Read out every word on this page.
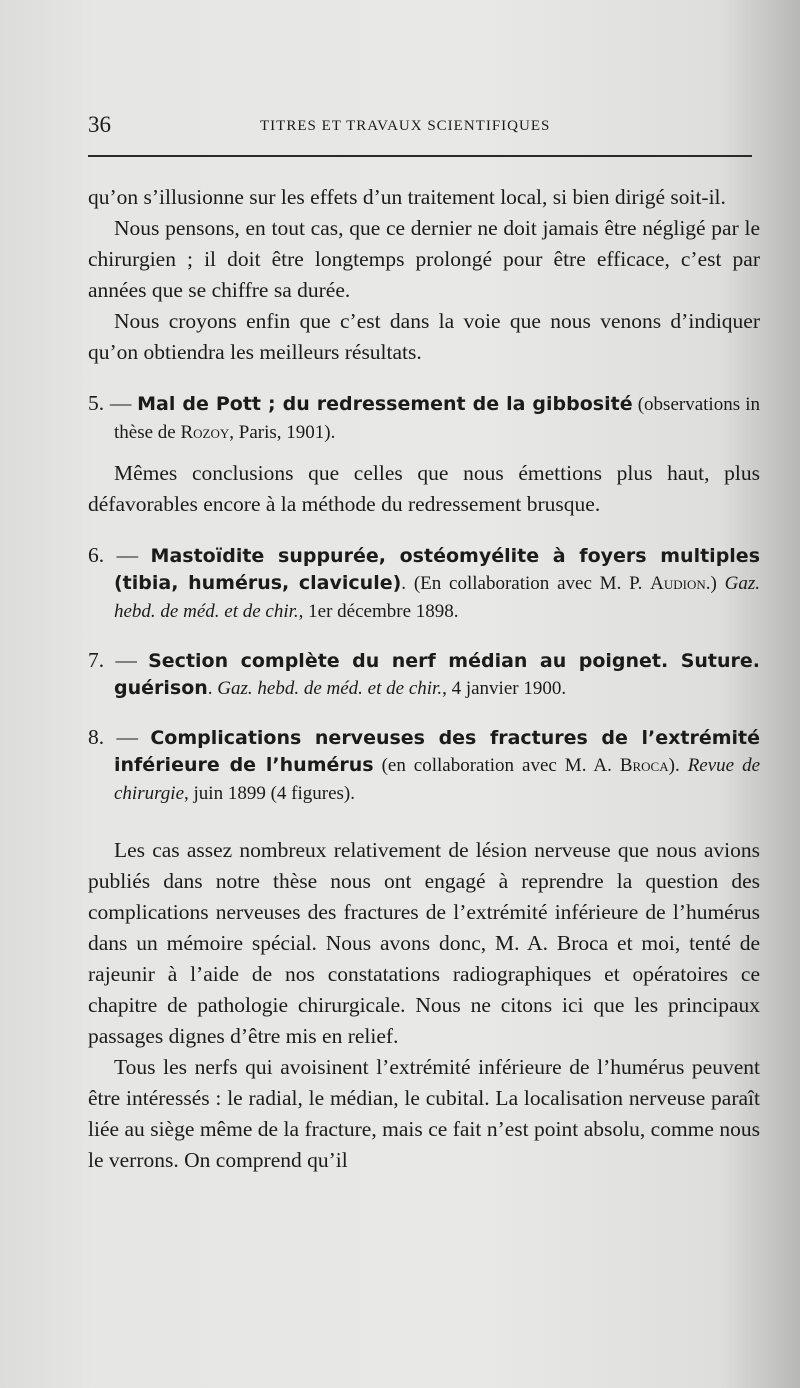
36	TITRES ET TRAVAUX SCIENTIFIQUES

qu’on s’illusionne sur les effets d’un traitement local, si bien dirigé soit-il.

Nous pensons, en tout cas, que ce dernier ne doit jamais être négligé par le chirurgien ; il doit être longtemps prolongé pour être efficace, c’est par années que se chiffre sa durée.

Nous croyons enfin que c’est dans la voie que nous venons d’indiquer qu’on obtiendra les meilleurs résultats.

5. — Mal de Pott ; du redressement de la gibbosité (observations in thèse de Rozoy, Paris, 1901).

Mêmes conclusions que celles que nous émettions plus haut, plus défavorables encore à la méthode du redressement brusque.

6. — Mastoïdite suppurée, ostéomyélite à foyers multiples (tibia, humérus, clavicule). (En collaboration avec M. P. Audion.) Gaz. hebd. de méd. et de chir., 1er décembre 1898.

7. — Section complète du nerf médian au poignet. Suture. guérison. Gaz. hebd. de méd. et de chir., 4 janvier 1900.

8. — Complications nerveuses des fractures de l’extrémité inférieure de l’humérus (en collaboration avec M. A. Broca). Revue de chirurgie, juin 1899 (4 figures).

Les cas assez nombreux relativement de lésion nerveuse que nous avions publiés dans notre thèse nous ont engagé à reprendre la question des complications nerveuses des fractures de l’extrémité inférieure de l’humérus dans un mémoire spécial. Nous avons donc, M. A. Broca et moi, tenté de rajeunir à l’aide de nos constatations radiographiques et opératoires ce chapitre de pathologie chirurgicale. Nous ne citons ici que les principaux passages dignes d’être mis en relief.

Tous les nerfs qui avoisinent l’extrémité inférieure de l’humérus peuvent être intéressés : le radial, le médian, le cubital. La localisation nerveuse paraît liée au siège même de la fracture, mais ce fait n’est point absolu, comme nous le verrons. On comprend qu’il
